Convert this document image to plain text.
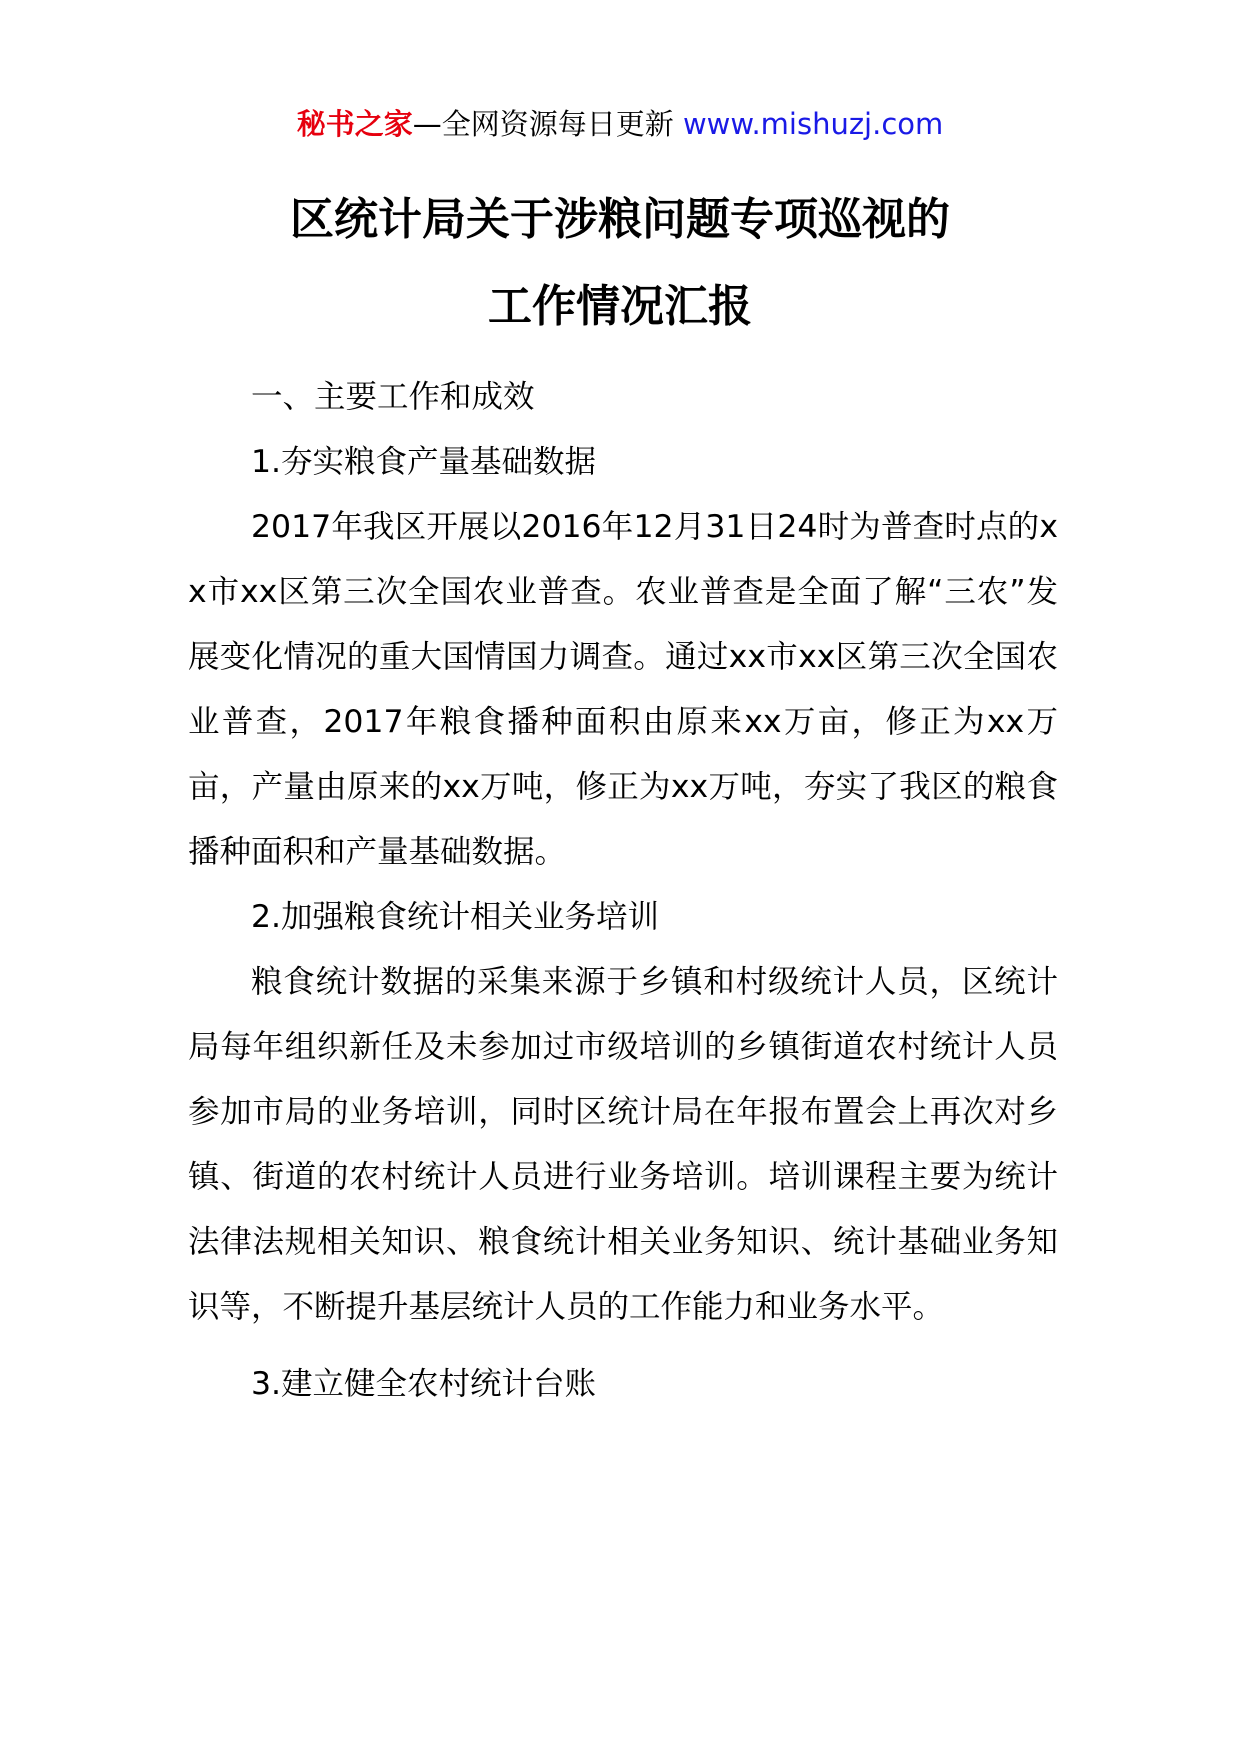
秘书之家—全网资源每日更新 www.mishuzj.com
区统计局关于涉粮问题专项巡视的
工作情况汇报

一、主要工作和成效

1.夯实粮食产量基础数据

2017年我区开展以2016年12月31日24时为普查时点的xx市xx区第三次全国农业普查。农业普查是全面了解“三农”发展变化情况的重大国情国力调查。通过xx市xx区第三次全国农业普查，2017年粮食播种面积由原来xx万亩，修正为xx万亩，产量由原来的xx万吨，修正为xx万吨，夯实了我区的粮食播种面积和产量基础数据。

2.加强粮食统计相关业务培训

粮食统计数据的采集来源于乡镇和村级统计人员，区统计局每年组织新任及未参加过市级培训的乡镇街道农村统计人员参加市局的业务培训，同时区统计局在年报布置会上再次对乡镇、街道的农村统计人员进行业务培训。培训课程主要为统计法律法规相关知识、粮食统计相关业务知识、统计基础业务知识等，不断提升基层统计人员的工作能力和业务水平。

3.建立健全农村统计台账
